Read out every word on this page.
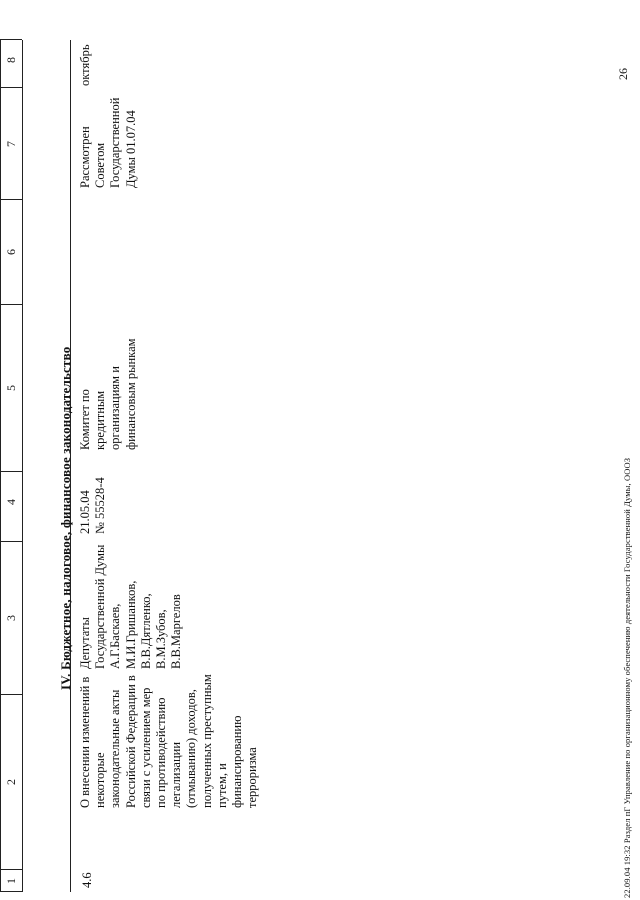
1
2
3
4
5
6
7
8
IV. Бюджетное, налоговое, финансовое законодательство
4.6
О внесении изменений в некоторые законодательные акты Российской Федерации в связи с усилением мер по противодействию легализации (отмыванию) доходов, полученных преступным путем, и финансированию терроризма
Депутаты Государственной Думы А.Г.Баскаев, М.И.Гришанков, В.В.Дятленко, В.М.Зубов, В.В.Маргелов
21.05.04 № 55528-4
Комитет по кредитным организациям и финансовым рынкам
Рассмотрен Советом Государственной Думы 01.07.04
октябрь	26
22.09.04 19:32 Раздел пГ Управление по организационному обеспечению деятельности Государственной Думы, ОООЗ
